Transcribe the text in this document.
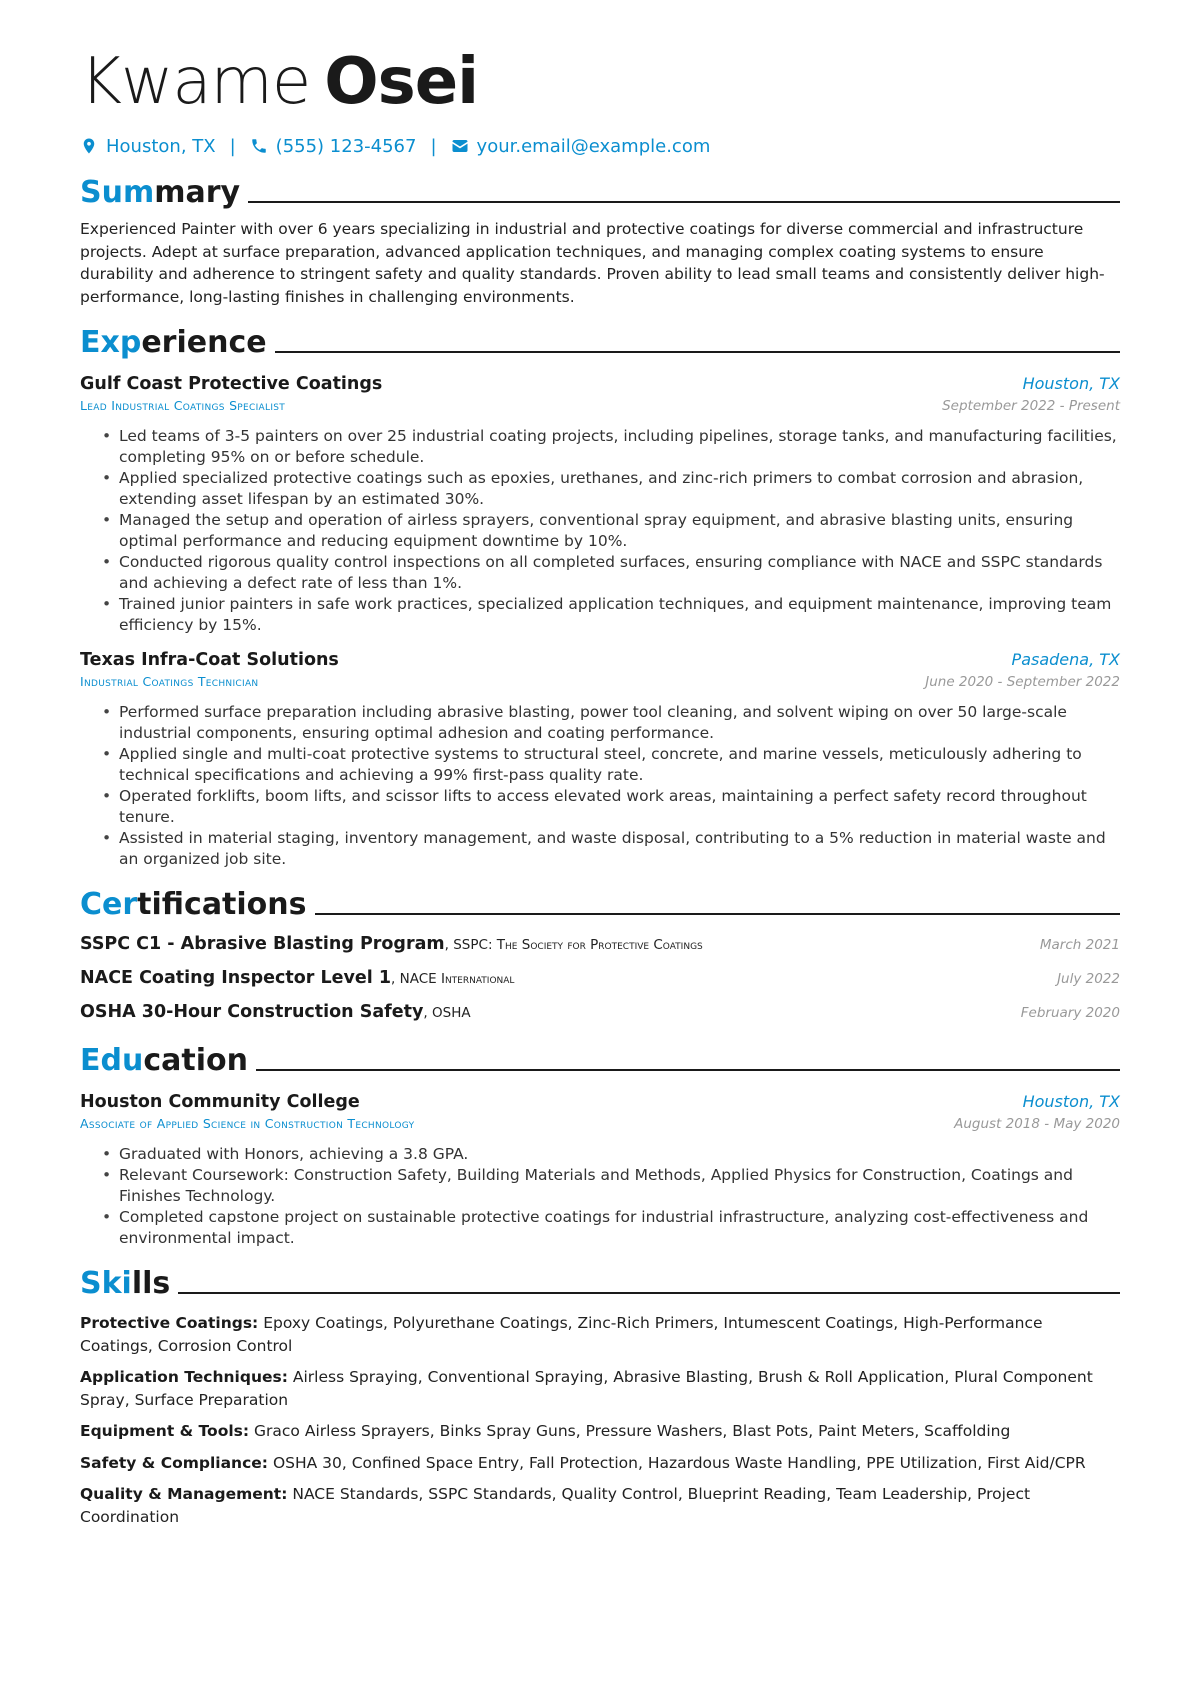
Kwame Osei
Houston, TX | (555) 123-4567 | your.email@example.com
Summary

Experienced Painter with over 6 years specializing in industrial and protective coatings for diverse commercial and infrastructure projects. Adept at surface preparation, advanced application techniques, and managing complex coating systems to ensure durability and adherence to stringent safety and quality standards. Proven ability to lead small teams and consistently deliver high-performance, long-lasting finishes in challenging environments.

Experience
Gulf Coast Protective Coatings	Houston, TX
Lead Industrial Coatings Specialist	September 2022 - Present
• Led teams of 3-5 painters on over 25 industrial coating projects, including pipelines, storage tanks, and manufacturing facilities, completing 95% on or before schedule.
• Applied specialized protective coatings such as epoxies, urethanes, and zinc-rich primers to combat corrosion and abrasion, extending asset lifespan by an estimated 30%.
• Managed the setup and operation of airless sprayers, conventional spray equipment, and abrasive blasting units, ensuring optimal performance and reducing equipment downtime by 10%.
• Conducted rigorous quality control inspections on all completed surfaces, ensuring compliance with NACE and SSPC standards and achieving a defect rate of less than 1%.
• Trained junior painters in safe work practices, specialized application techniques, and equipment maintenance, improving team efficiency by 15%.
Texas Infra-Coat Solutions	Pasadena, TX
Industrial Coatings Technician	June 2020 - September 2022
• Performed surface preparation including abrasive blasting, power tool cleaning, and solvent wiping on over 50 large-scale industrial components, ensuring optimal adhesion and coating performance.
• Applied single and multi-coat protective systems to structural steel, concrete, and marine vessels, meticulously adhering to technical specifications and achieving a 99% first-pass quality rate.
• Operated forklifts, boom lifts, and scissor lifts to access elevated work areas, maintaining a perfect safety record throughout tenure.
• Assisted in material staging, inventory management, and waste disposal, contributing to a 5% reduction in material waste and an organized job site.
Certifications
SSPC C1 - Abrasive Blasting Program, SSPC: The Society for Protective Coatings	March 2021
NACE Coating Inspector Level 1, NACE International	July 2022
OSHA 30-Hour Construction Safety, OSHA	February 2020
Education
Houston Community College	Houston, TX
Associate of Applied Science in Construction Technology	August 2018 - May 2020
• Graduated with Honors, achieving a 3.8 GPA.
• Relevant Coursework: Construction Safety, Building Materials and Methods, Applied Physics for Construction, Coatings and Finishes Technology.
• Completed capstone project on sustainable protective coatings for industrial infrastructure, analyzing cost-effectiveness and environmental impact.
Skills

Protective Coatings: Epoxy Coatings, Polyurethane Coatings, Zinc-Rich Primers, Intumescent Coatings, High-Performance Coatings, Corrosion Control

Application Techniques: Airless Spraying, Conventional Spraying, Abrasive Blasting, Brush & Roll Application, Plural Component Spray, Surface Preparation

Equipment & Tools: Graco Airless Sprayers, Binks Spray Guns, Pressure Washers, Blast Pots, Paint Meters, Scaffolding

Safety & Compliance: OSHA 30, Confined Space Entry, Fall Protection, Hazardous Waste Handling, PPE Utilization, First Aid/CPR

Quality & Management: NACE Standards, SSPC Standards, Quality Control, Blueprint Reading, Team Leadership, Project Coordination
